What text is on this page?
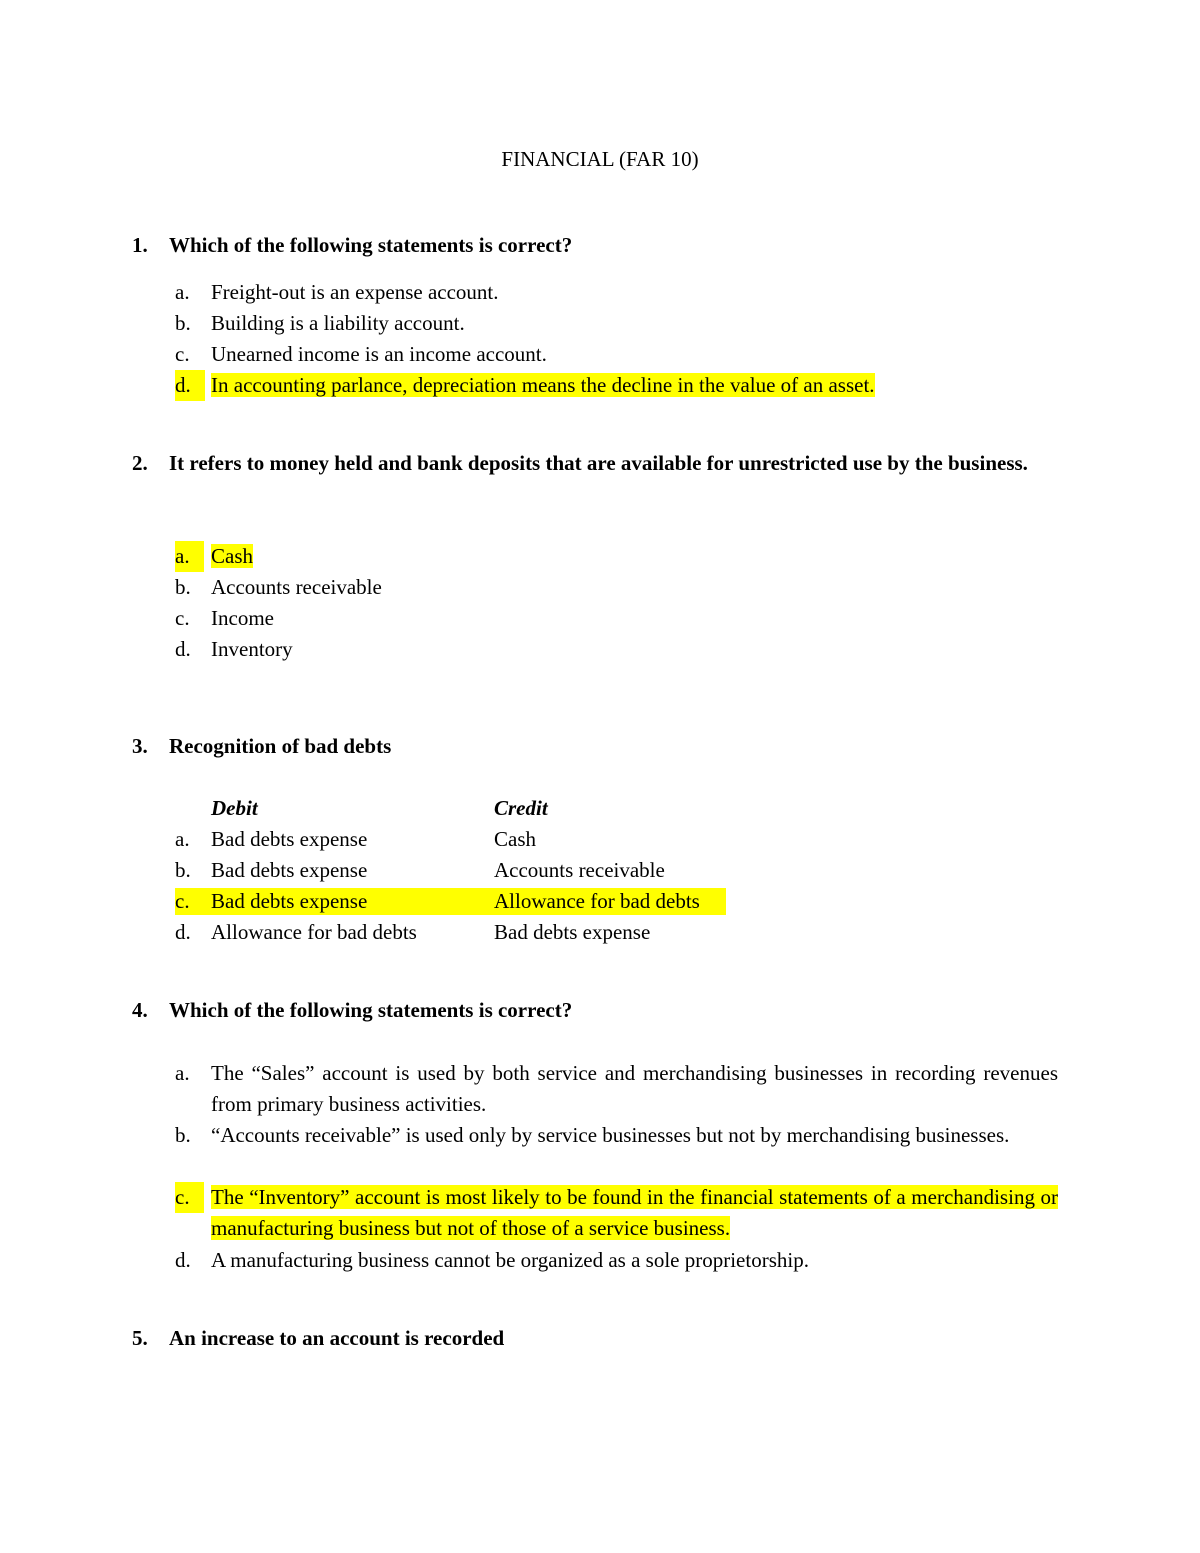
FINANCIAL (FAR 10)
1. Which of the following statements is correct?
a. Freight-out is an expense account.
b. Building is a liability account.
c. Unearned income is an income account.
d. In accounting parlance, depreciation means the decline in the value of an asset.
2. It refers to money held and bank deposits that are available for unrestricted use by the business.
a.	Cash
b. Accounts receivable
c. Income
d. Inventory
3. Recognition of bad debts
Debit	Credit
a. Bad debts expense	Cash
b. Bad debts expense	Accounts receivable
c. Bad debts expense	Allowance for bad debts
d. Allowance for bad debts	Bad debts expense
4. Which of the following statements is correct?
a. The “Sales” account is used by both service and merchandising businesses in recording revenues from primary business activities.
b. “Accounts receivable” is used only by service businesses but not by merchandising businesses.
c.	The “Inventory” account is most likely to be found in the financial statements of a merchandising or manufacturing business but not of those of a service business.
d. A manufacturing business cannot be organized as a sole proprietorship.
5. An increase to an account is recorded
